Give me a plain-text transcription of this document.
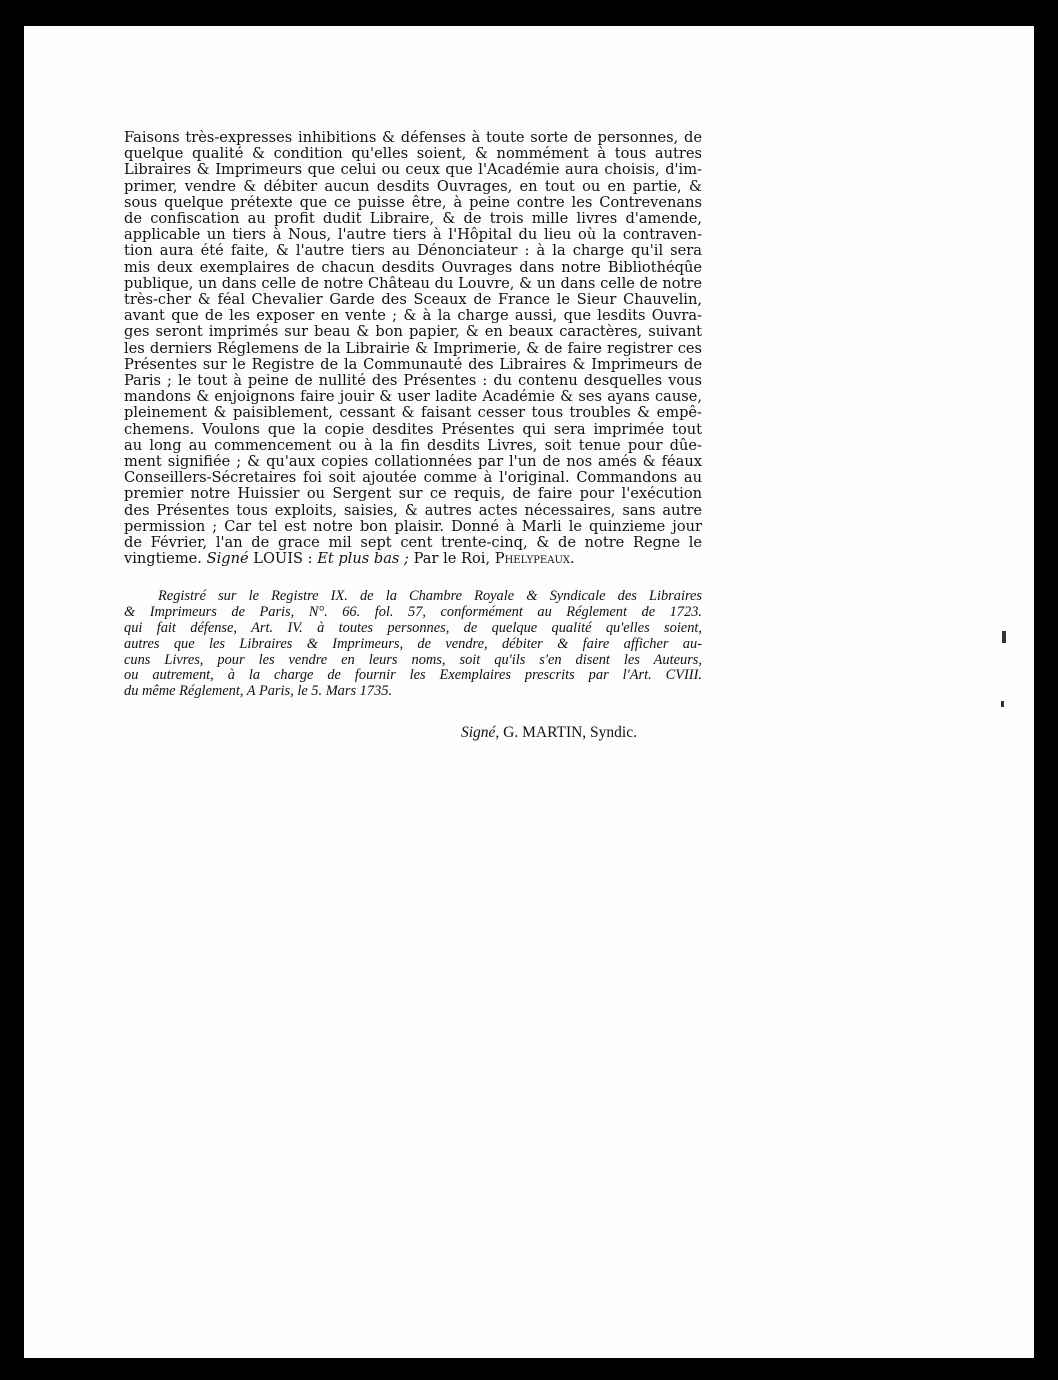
Faisons très-expresses inhibitions & défenses à toute sorte de personnes, de
quelque qualité & condition qu'elles soient, & nommément à tous autres
Libraires & Imprimeurs que celui ou ceux que l'Académie aura choisis, d'im-
primer, vendre & débiter aucun desdits Ouvrages, en tout ou en partie, &
sous quelque prétexte que ce puisse être, à peine contre les Contrevenans
de confiscation au profit dudit Libraire, & de trois mille livres d'amende,
applicable un tiers à Nous, l'autre tiers à l'Hôpital du lieu où la contraven-
tion aura été faite, & l'autre tiers au Dénonciateur : à la charge qu'il sera
mis deux exemplaires de chacun desdits Ouvrages dans notre Bibliothéqûe
publique, un dans celle de notre Château du Louvre, & un dans celle de notre
très-cher & féal Chevalier Garde des Sceaux de France le Sieur Chauvelin,
avant que de les exposer en vente ; & à la charge aussi, que lesdits Ouvra-
ges seront imprimés sur beau & bon papier, & en beaux caractères, suivant
les derniers Réglemens de la Librairie & Imprimerie, & de faire registrer ces
Présentes sur le Registre de la Communauté des Libraires & Imprimeurs de
Paris ; le tout à peine de nullité des Présentes : du contenu desquelles vous
mandons & enjoignons faire jouir & user ladite Académie & ses ayans cause,
pleinement & paisiblement, cessant & faisant cesser tous troubles & empê-
chemens. Voulons que la copie desdites Présentes qui sera imprimée tout
au long au commencement ou à la fin desdits Livres, soit tenue pour dûe-
ment signifiée ; & qu'aux copies collationnées par l'un de nos amés & féaux
Conseillers-Sécretaires foi soit ajoutée comme à l'original. Commandons au
premier notre Huissier ou Sergent sur ce requis, de faire pour l'exécution
des Présentes tous exploits, saisies, & autres actes nécessaires, sans autre
permission ; Car tel est notre bon plaisir. Donné à Marli le quinzieme jour
de Février, l'an de grace mil sept cent trente-cinq, & de notre Regne le
vingtieme. Signé LOUIS : Et plus bas ; Par le Roi, Phelypeaux.

Registré sur le Registre IX. de la Chambre Royale & Syndicale des Libraires
& Imprimeurs de Paris, N°. 66. fol. 57, conformément au Réglement de 1723.
qui fait défense, Art. IV. à toutes personnes, de quelque qualité qu'elles soient,
autres que les Libraires & Imprimeurs, de vendre, débiter & faire afficher au-
cuns Livres, pour les vendre en leurs noms, soit qu'ils s'en disent les Auteurs,
ou autrement, à la charge de fournir les Exemplaires prescrits par l'Art. CVIII.
du même Réglement, A Paris, le 5. Mars 1735.
Signé, G. MARTIN, Syndic.
